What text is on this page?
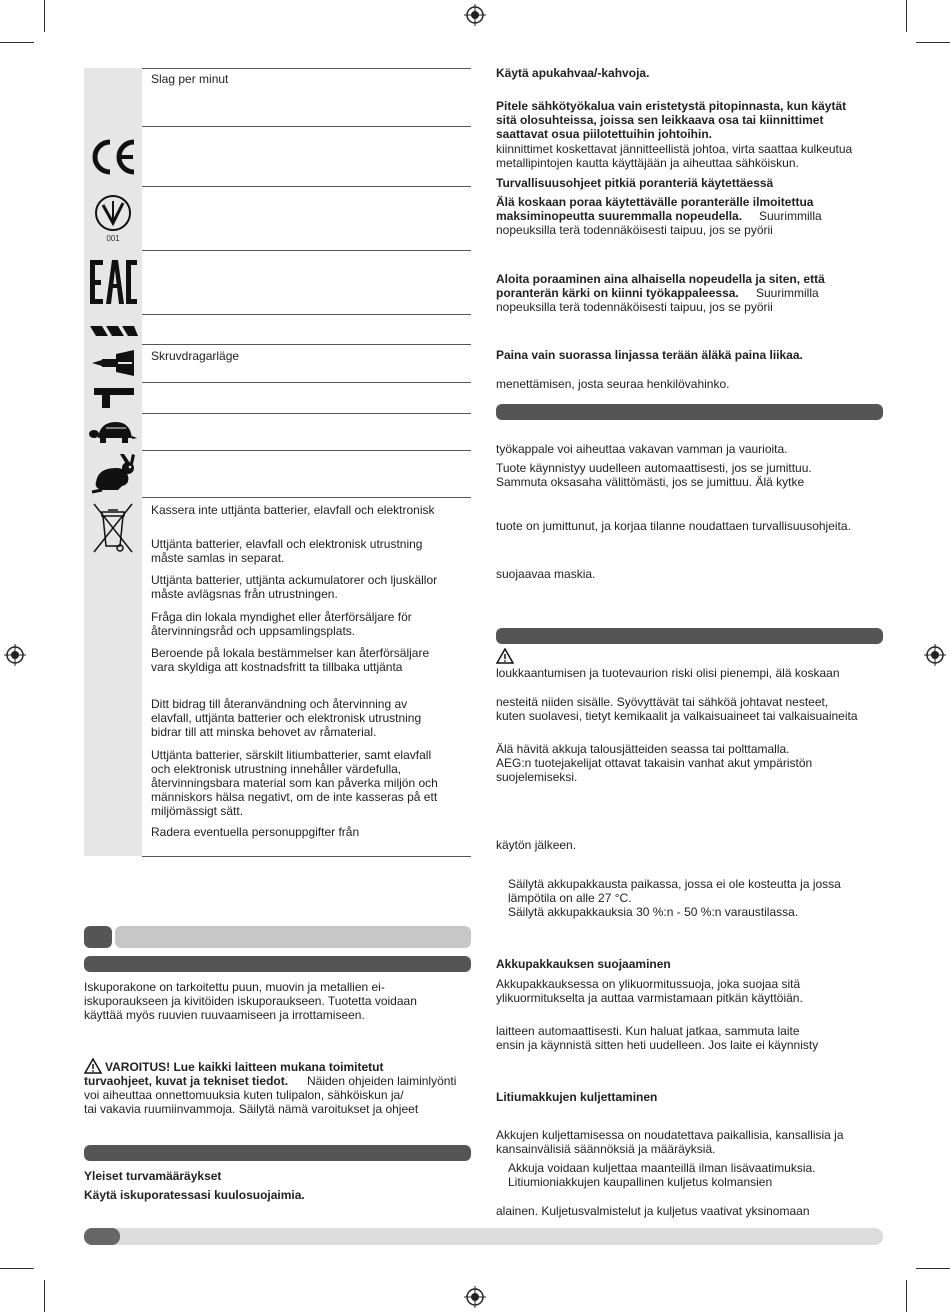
001
Slag per minut
Skruvdragarläge
Kassera inte uttjänta batterier, elavfall och elektronisk
Uttjänta batterier, elavfall och elektronisk utrustning
måste samlas in separat.
Uttjänta batterier, uttjänta ackumulatorer och ljuskällor
måste avlägsnas från utrustningen.
Fråga din lokala myndighet eller återförsäljare för
återvinningsråd och uppsamlingsplats.
Beroende på lokala bestämmelser kan återförsäljare
vara skyldiga att kostnadsfritt ta tillbaka uttjänta
Ditt bidrag till återanvändning och återvinning av
elavfall, uttjänta batterier och elektronisk utrustning
bidrar till att minska behovet av råmaterial.
Uttjänta batterier, särskilt litiumbatterier, samt elavfall
och elektronisk utrustning innehåller värdefulla,
återvinningsbara material som kan påverka miljön och
människors hälsa negativt, om de inte kasseras på ett
miljömässigt sätt.
Radera eventuella personuppgifter från
Iskuporakone on tarkoitettu puun, muovin ja metallien ei-
iskuporaukseen ja kivitöiden iskuporaukseen. Tuotetta voidaan
käyttää myös ruuvien ruuvaamiseen ja irrottamiseen.
VAROITUS! Lue kaikki laitteen mukana toimitetut
turvaohjeet, kuvat ja tekniset tiedot.	Näiden ohjeiden laiminlyönti
voi aiheuttaa onnettomuuksia kuten tulipalon, sähköiskun ja/
tai vakavia ruumiinvammoja. Säilytä nämä varoitukset ja ohjeet
Yleiset turvamääräykset
Käytä iskuporatessasi kuulosuojaimia.
Käytä apukahvaa/-kahvoja.
Pitele sähkötyökalua vain eristetystä pitopinnasta, kun käytät
sitä olosuhteissa, joissa sen leikkaava osa tai kiinnittimet
saattavat osua piilotettuihin johtoihin.
kiinnittimet koskettavat jännitteellistä johtoa, virta saattaa kulkeutua
metallipintojen kautta käyttäjään ja aiheuttaa sähköiskun.
Turvallisuusohjeet pitkiä poranteriä käytettäessä
Älä koskaan poraa käytettävälle poranterälle ilmoitettua
maksiminopeutta suuremmalla nopeudella.	Suurimmilla
nopeuksilla terä todennäköisesti taipuu, jos se pyörii
Aloita poraaminen aina alhaisella nopeudella ja siten, että
poranterän kärki on kiinni työkappaleessa.	Suurimmilla
nopeuksilla terä todennäköisesti taipuu, jos se pyörii
Paina vain suorassa linjassa terään äläkä paina liikaa.
menettämisen, josta seuraa henkilövahinko.
työkappale voi aiheuttaa vakavan vamman ja vaurioita.
Tuote käynnistyy uudelleen automaattisesti, jos se jumittuu.
Sammuta oksasaha välittömästi, jos se jumittuu. Älä kytke
tuote on jumittunut, ja korjaa tilanne noudattaen turvallisuusohjeita.
suojaavaa maskia.
loukkaantumisen ja tuotevaurion riski olisi pienempi, älä koskaan
nesteitä niiden sisälle. Syövyttävät tai sähköä johtavat nesteet,
kuten suolavesi, tietyt kemikaalit ja valkaisuaineet tai valkaisuaineita
Älä hävitä akkuja talousjätteiden seassa tai polttamalla.
AEG:n tuotejakelijat ottavat takaisin vanhat akut ympäristön
suojelemiseksi.
käytön jälkeen.
Säilytä akkupakkausta paikassa, jossa ei ole kosteutta ja jossa
lämpötila on alle 27 °C.
Säilytä akkupakkauksia 30 %:n - 50 %:n varaustilassa.
Akkupakkauksen suojaaminen
Akkupakkauksessa on ylikuormitussuoja, joka suojaa sitä
ylikuormitukselta ja auttaa varmistamaan pitkän käyttöiän.
laitteen automaattisesti. Kun haluat jatkaa, sammuta laite
ensin ja käynnistä sitten heti uudelleen. Jos laite ei käynnisty
Litiumakkujen kuljettaminen
Akkujen kuljettamisessa on noudatettava paikallisia, kansallisia ja
kansainvälisiä säännöksiä ja määräyksiä.
Akkuja voidaan kuljettaa maanteillä ilman lisävaatimuksia.
Litiumioniakkujen kaupallinen kuljetus kolmansien
alainen. Kuljetusvalmistelut ja kuljetus vaativat yksinomaan
